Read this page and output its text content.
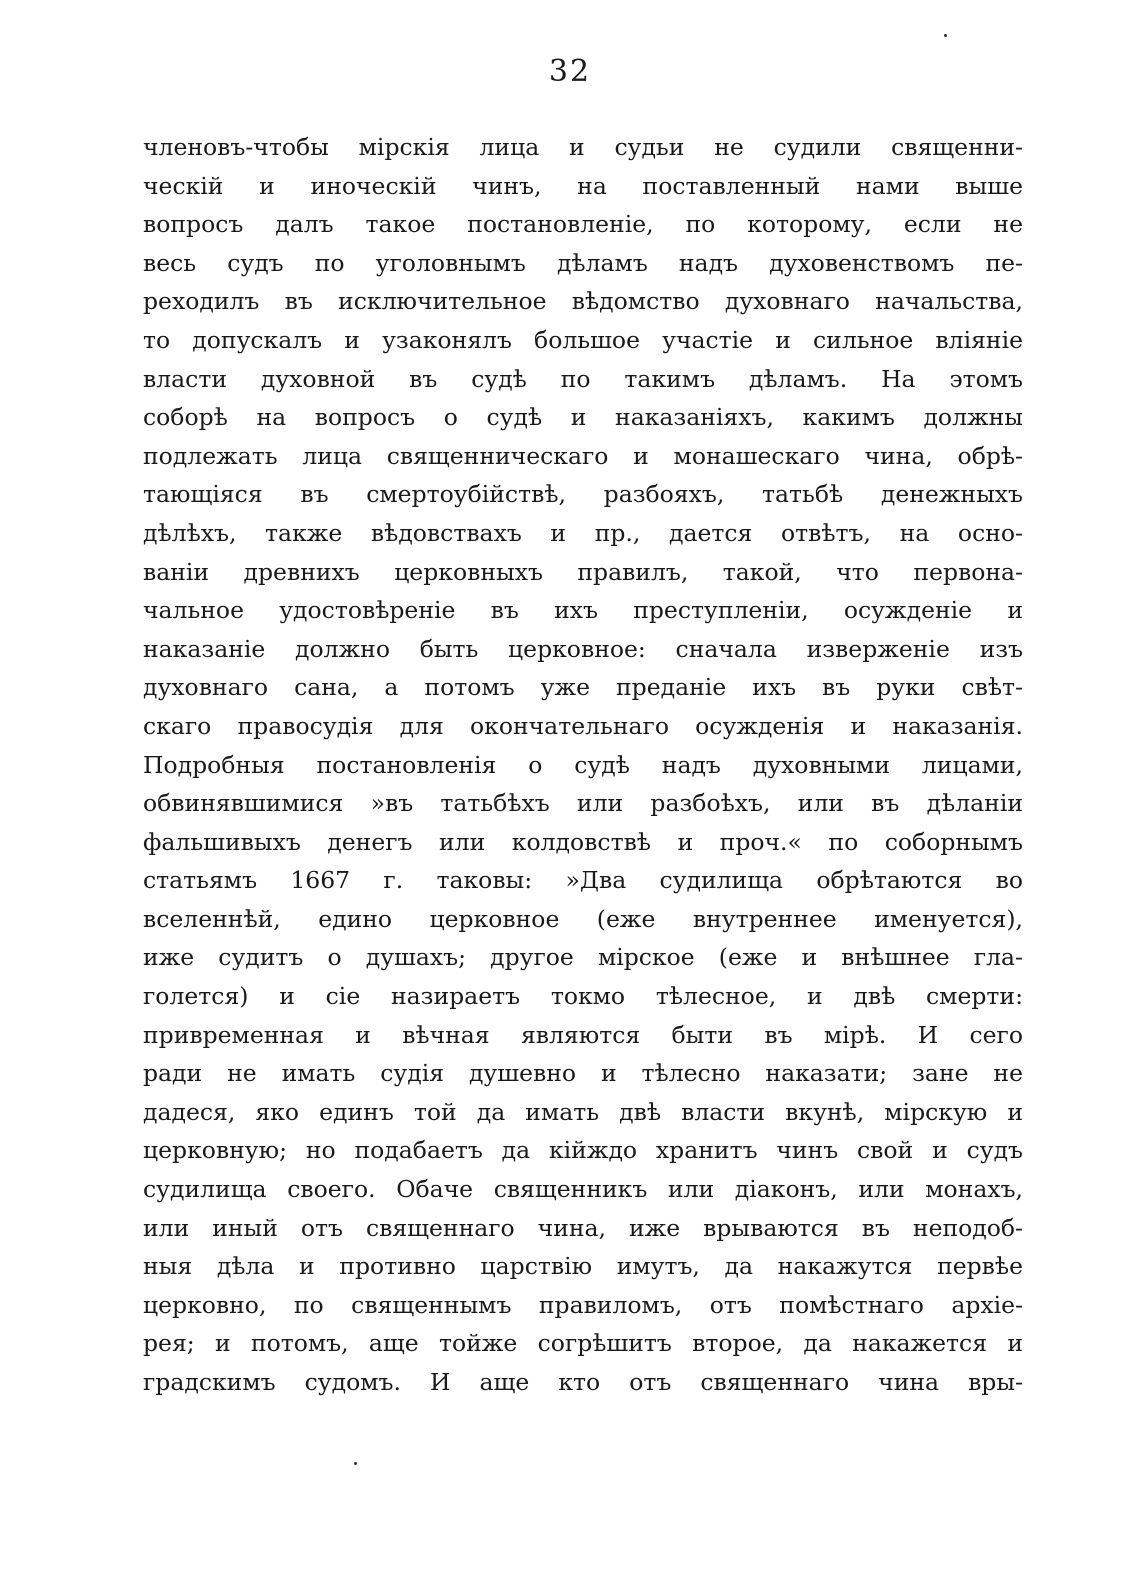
32
членовъ-чтобы мірскія лица и судьи не судили священни-
ческій и иноческій чинъ, на поставленный нами выше
вопросъ далъ такое постановленіе, по которому, если не
весь судъ по уголовнымъ дѣламъ надъ духовенствомъ пе-
реходилъ въ исключительное вѣдомство духовнаго начальства,
то допускалъ и узаконялъ большое участіе и сильное вліяніе
власти духовной въ судѣ по такимъ дѣламъ. На этомъ
соборѣ на вопросъ о судѣ и наказаніяхъ, какимъ должны
подлежать лица священническаго и монашескаго чина, обрѣ-
тающіяся въ смертоубійствѣ, разбояхъ, татьбѣ денежныхъ
дѣлѣхъ, также вѣдовствахъ и пр., дается отвѣтъ, на осно-
ваніи древнихъ церковныхъ правилъ, такой, что первона-
чальное удостовѣреніе въ ихъ преступленіи, осужденіе и
наказаніе должно быть церковное: сначала изверженіе изъ
духовнаго сана, а потомъ уже преданіе ихъ въ руки свѣт-
скаго правосудія для окончательнаго осужденія и наказанія.
Подробныя постановленія о судѣ надъ духовными лицами,
обвинявшимися »въ татьбѣхъ или разбоѣхъ, или въ дѣланіи
фальшивыхъ денегъ или колдовствѣ и проч.« по соборнымъ
статьямъ 1667 г. таковы: »Два судилища обрѣтаются во
вселеннѣй, едино церковное (еже внутреннее именуется),
иже судитъ о душахъ; другое мірское (еже и внѣшнее гла-
голется) и сіе назираетъ токмо тѣлесное, и двѣ смерти:
привременная и вѣчная являются быти въ мірѣ. И сего
ради не имать судія душевно и тѣлесно наказати; зане не
дадеся, яко единъ той да имать двѣ власти вкунѣ, мірскую и
церковную; но подабаетъ да кійждо хранитъ чинъ свой и судъ
судилища своего. Обаче священникъ или діаконъ, или монахъ,
или иный отъ священнаго чина, иже врываются въ неподоб-
ныя дѣла и противно царствію имутъ, да накажутся первѣе
церковно, по священнымъ правиломъ, отъ помѣстнаго архіе-
рея; и потомъ, аще тойже согрѣшитъ второе, да накажется и
градскимъ судомъ. И аще кто отъ священнаго чина вры-
